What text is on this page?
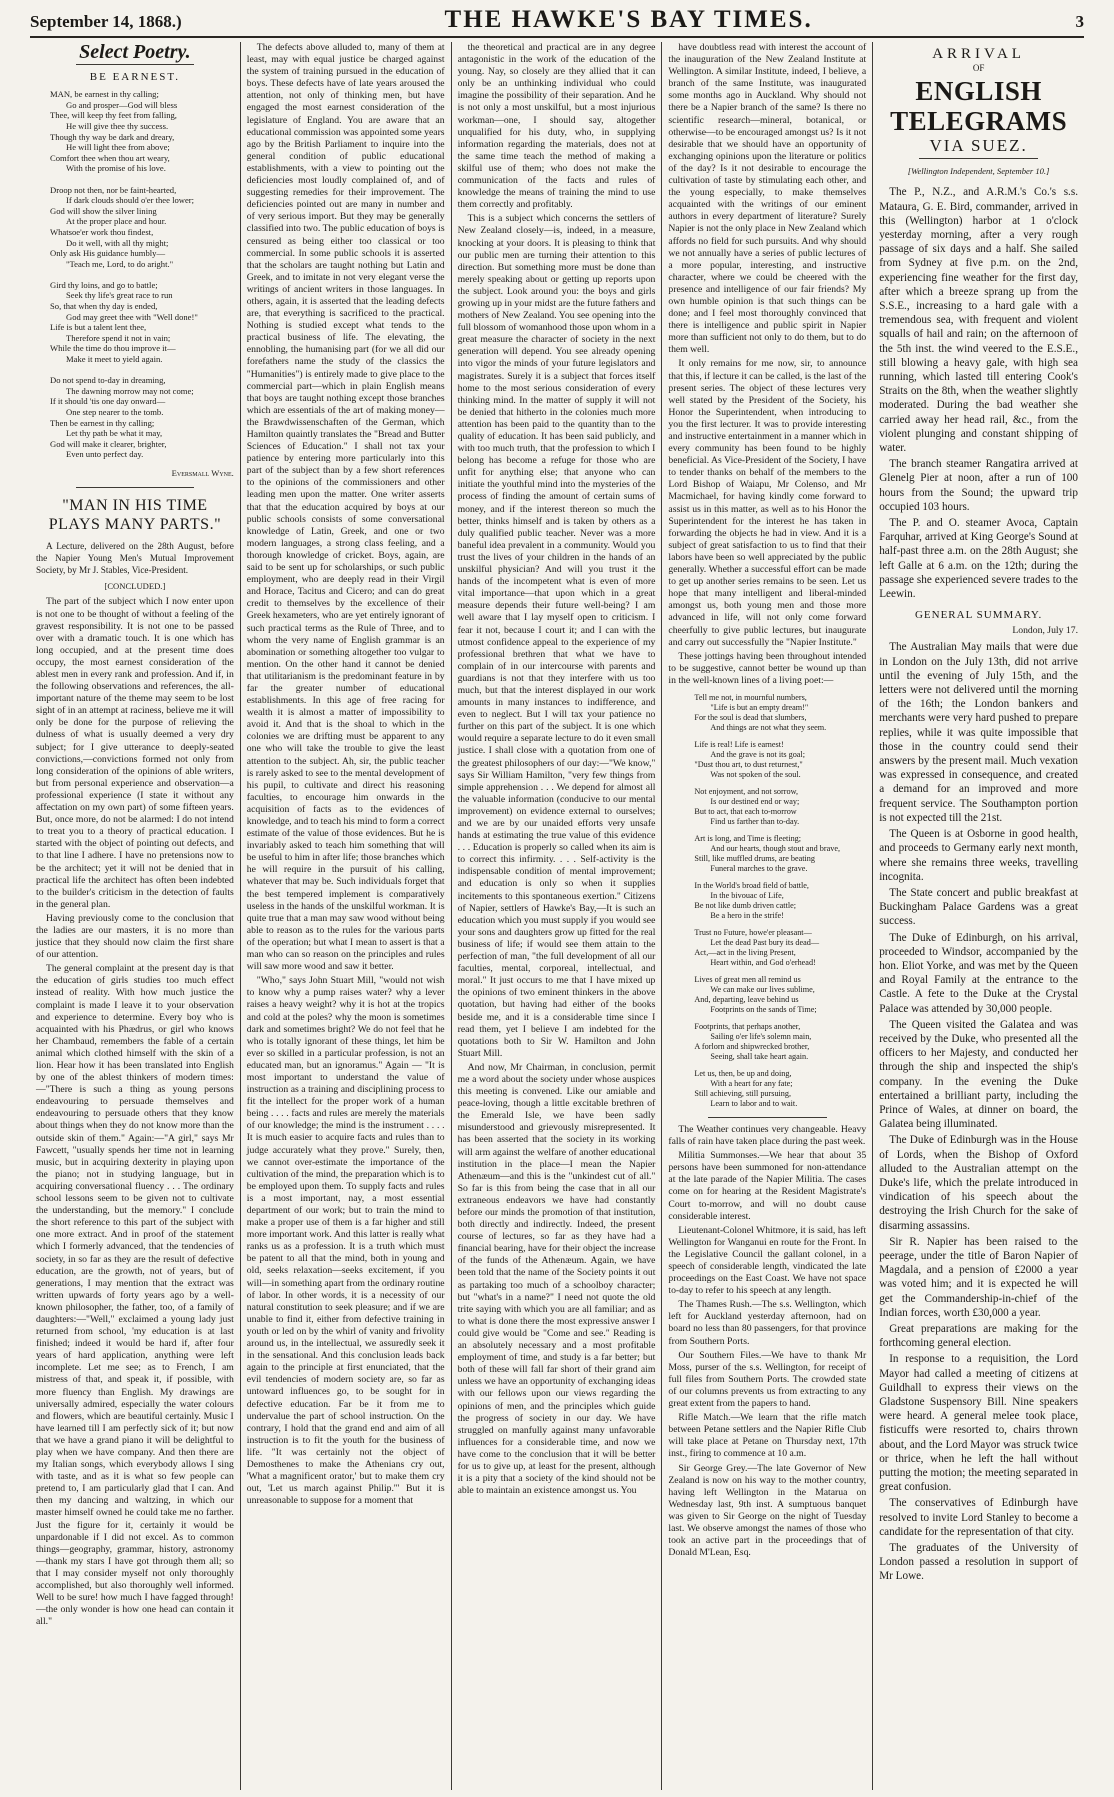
September 14, 1868.)	THE HAWKE'S BAY TIMES.	3
Select Poetry.
BE EARNEST.
MAN, be earnest in thy calling;
Go and prosper—God will bless
Thee, will keep thy feet from falling,
He will give thee thy success.
Though thy way be dark and dreary,
He will light thee from above;
Comfort thee when thou art weary,
With the promise of his love.

Droop not then, nor be faint-hearted,
If dark clouds should o'er thee lower;
God will show the silver lining
At the proper place and hour.
Whatsoe'er work thou findest,
Do it well, with all thy might;
Only ask His guidance humbly—
"Teach me, Lord, to do aright."

Gird thy loins, and go to battle;
Seek thy life's great race to run
So, that when thy day is ended,
God may greet thee with "Well done!"
Life is but a talent lent thee,
Therefore spend it not in vain;
While the time do thou improve it—
Make it meet to yield again.

Do not spend to-day in dreaming,
The dawning morrow may not come;
If it should 'tis one day onward—
One step nearer to the tomb.
Then be earnest in thy calling;
Let thy path be what it may,
God will make it clearer, brighter,
Even unto perfect day.
Eversmall Wyne.
"MAN IN HIS TIME PLAYS MANY PARTS."

A Lecture, delivered on the 28th August, before the Napier Young Men's Mutual Improvement Society, by Mr J. Stables, Vice-President.

[CONCLUDED.]

The part of the subject which I now enter upon is not one to be thought of without a feeling of the gravest responsibility. It is not one to be passed over with a dramatic touch. It is one which has long occupied, and at the present time does occupy, the most earnest consideration of the ablest men in every rank and profession. And if, in the following observations and references, the all-important nature of the theme may seem to be lost sight of in an attempt at raciness, believe me it will only be done for the purpose of relieving the dulness of what is usually deemed a very dry subject; for I give utterance to deeply-seated convictions,—convictions formed not only from long consideration of the opinions of able writers, but from personal experience and observation—a professional experience (I state it without any affectation on my own part) of some fifteen years. But, once more, do not be alarmed: I do not intend to treat you to a theory of practical education. I started with the object of pointing out defects, and to that line I adhere. I have no pretensions now to be the architect; yet it will not be denied that in practical life the architect has often been indebted to the builder's criticism in the detection of faults in the general plan.

Having previously come to the conclusion that the ladies are our masters, it is no more than justice that they should now claim the first share of our attention.

The general complaint at the present day is that the education of girls studies too much effect instead of reality. With how much justice the complaint is made I leave it to your observation and experience to determine. Every boy who is acquainted with his Phædrus, or girl who knows her Chambaud, remembers the fable of a certain animal which clothed himself with the skin of a lion. Hear how it has been translated into English by one of the ablest thinkers of modern times:—"There is such a thing as young persons endeavouring to persuade themselves and endeavouring to persuade others that they know about things when they do not know more than the outside skin of them." Again:—"A girl," says Mr Fawcett, "usually spends her time not in learning music, but in acquiring dexterity in playing upon the piano; not in studying language, but in acquiring conversational fluency . . . The ordinary school lessons seem to be given not to cultivate the understanding, but the memory." I conclude the short reference to this part of the subject with one more extract. And in proof of the statement which I formerly advanced, that the tendencies of society, in so far as they are the result of defective education, are the growth, not of years, but of generations, I may mention that the extract was written upwards of forty years ago by a well-known philosopher, the father, too, of a family of daughters:—"Well," exclaimed a young lady just returned from school, 'my education is at last finished; indeed it would be hard if, after four years of hard application, anything were left incomplete. Let me see; as to French, I am mistress of that, and speak it, if possible, with more fluency than English. My drawings are universally admired, especially the water colours and flowers, which are beautiful certainly. Music I have learned till I am perfectly sick of it; but now that we have a grand piano it will be delightful to play when we have company. And then there are my Italian songs, which everybody allows I sing with taste, and as it is what so few people can pretend to, I am particularly glad that I can. And then my dancing and waltzing, in which our master himself owned he could take me no farther. Just the figure for it, certainly it would be unpardonable if I did not excel. As to common things—geography, grammar, history, astronomy—thank my stars I have got through them all; so that I may consider myself not only thoroughly accomplished, but also thoroughly well informed. Well to be sure! how much I have fagged through!—the only wonder is how one head can contain it all."

The defects above alluded to, many of them at least, may with equal justice be charged against the system of training pursued in the education of boys. These defects have of late years aroused the attention, not only of thinking men, but have engaged the most earnest consideration of the legislature of England. You are aware that an educational commission was appointed some years ago by the British Parliament to inquire into the general condition of public educational establishments, with a view to pointing out the deficiencies most loudly complained of, and of suggesting remedies for their improvement. The deficiencies pointed out are many in number and of very serious import. But they may be generally classified into two. The public education of boys is censured as being either too classical or too commercial. In some public schools it is asserted that the scholars are taught nothing but Latin and Greek, and to imitate in not very elegant verse the writings of ancient writers in those languages. In others, again, it is asserted that the leading defects are, that everything is sacrificed to the practical. Nothing is studied except what tends to the practical business of life. The elevating, the ennobling, the humanising part (for we all did our forefathers name the study of the classics the "Humanities") is entirely made to give place to the commercial part—which in plain English means that boys are taught nothing except those branches which are essentials of the art of making money—the Brawdwissenschaften of the German, which Hamilton quaintly translates the "Bread and Butter Sciences of Education." I shall not tax your patience by entering more particularly into this part of the subject than by a few short references to the opinions of the commissioners and other leading men upon the matter. One writer asserts that that the education acquired by boys at our public schools consists of some conversational knowledge of Latin, Greek, and one or two modern languages, a strong class feeling, and a thorough knowledge of cricket. Boys, again, are said to be sent up for scholarships, or such public employment, who are deeply read in their Virgil and Horace, Tacitus and Cicero; and can do great credit to themselves by the excellence of their Greek hexameters, who are yet entirely ignorant of such practical terms as the Rule of Three, and to whom the very name of English grammar is an abomination or something altogether too vulgar to mention. On the other hand it cannot be denied that utilitarianism is the predominant feature in by far the greater number of educational establishments. In this age of free racing for wealth it is almost a matter of impossibility to avoid it. And that is the shoal to which in the colonies we are drifting must be apparent to any one who will take the trouble to give the least attention to the subject. Ah, sir, the public teacher is rarely asked to see to the mental development of his pupil, to cultivate and direct his reasoning faculties, to encourage him onwards in the acquisition of facts as to the evidences of knowledge, and to teach his mind to form a correct estimate of the value of those evidences. But he is invariably asked to teach him something that will be useful to him in after life; those branches which he will require in the pursuit of his calling, whatever that may be. Such individuals forget that the best tempered implement is comparatively useless in the hands of the unskilful workman. It is quite true that a man may saw wood without being able to reason as to the rules for the various parts of the operation; but what I mean to assert is that a man who can so reason on the principles and rules will saw more wood and saw it better.

"Who," says John Stuart Mill, "would not wish to know why a pump raises water? why a lever raises a heavy weight? why it is hot at the tropics and cold at the poles? why the moon is sometimes dark and sometimes bright? We do not feel that he who is totally ignorant of these things, let him be ever so skilled in a particular profession, is not an educated man, but an ignoramus." Again — "It is most important to understand the value of instruction as a training and disciplining process to fit the intellect for the proper work of a human being . . . . facts and rules are merely the materials of our knowledge; the mind is the instrument . . . . It is much easier to acquire facts and rules than to judge accurately what they prove." Surely, then, we cannot over-estimate the importance of the cultivation of the mind, the preparation which is to be employed upon them. To supply facts and rules is a most important, nay, a most essential department of our work; but to train the mind to make a proper use of them is a far higher and still more important work. And this latter is really what ranks us as a profession. It is a truth which must be patent to all that the mind, both in young and old, seeks relaxation—seeks excitement, if you will—in something apart from the ordinary routine of labor. In other words, it is a necessity of our natural constitution to seek pleasure; and if we are unable to find it, either from defective training in youth or led on by the whirl of vanity and frivolity around us, in the intellectual, we assuredly seek it in the sensational. And this conclusion leads back again to the principle at first enunciated, that the evil tendencies of modern society are, so far as untoward influences go, to be sought for in defective education. Far be it from me to undervalue the part of school instruction. On the contrary, I hold that the grand end and aim of all instruction is to fit the youth for the business of life. "It was certainly not the object of Demosthenes to make the Athenians cry out, 'What a magnificent orator,' but to make them cry out, 'Let us march against Philip.'" But it is unreasonable to suppose for a moment that

the theoretical and practical are in any degree antagonistic in the work of the education of the young. Nay, so closely are they allied that it can only be an unthinking individual who could imagine the possibility of their separation. And he is not only a most unskilful, but a most injurious workman—one, I should say, altogether unqualified for his duty, who, in supplying information regarding the materials, does not at the same time teach the method of making a skilful use of them; who does not make the communication of the facts and rules of knowledge the means of training the mind to use them correctly and profitably.

This is a subject which concerns the settlers of New Zealand closely—is, indeed, in a measure, knocking at your doors. It is pleasing to think that our public men are turning their attention to this direction. But something more must be done than merely speaking about or getting up reports upon the subject. Look around you: the boys and girls growing up in your midst are the future fathers and mothers of New Zealand. You see opening into the full blossom of womanhood those upon whom in a great measure the character of society in the next generation will depend. You see already opening into vigor the minds of your future legislators and magistrates. Surely it is a subject that forces itself home to the most serious consideration of every thinking mind. In the matter of supply it will not be denied that hitherto in the colonies much more attention has been paid to the quantity than to the quality of education. It has been said publicly, and with too much truth, that the profession to which I belong has become a refuge for those who are unfit for anything else; that anyone who can initiate the youthful mind into the mysteries of the process of finding the amount of certain sums of money, and if the interest thereon so much the better, thinks himself and is taken by others as a duly qualified public teacher. Never was a more baneful idea prevalent in a community. Would you trust the lives of your children in the hands of an unskilful physician? And will you trust it the hands of the incompetent what is even of more vital importance—that upon which in a great measure depends their future well-being? I am well aware that I lay myself open to criticism. I fear it not, because I court it; and I can with the utmost confidence appeal to the experience of my professional brethren that what we have to complain of in our intercourse with parents and guardians is not that they interfere with us too much, but that the interest displayed in our work amounts in many instances to indifference, and even to neglect. But I will tax your patience no further on this part of the subject. It is one which would require a separate lecture to do it even small justice. I shall close with a quotation from one of the greatest philosophers of our day:—"We know," says Sir William Hamilton, "very few things from simple apprehension . . . We depend for almost all the valuable information (conducive to our mental improvement) on evidence external to ourselves; and we are by our unaided efforts very unsafe hands at estimating the true value of this evidence . . . Education is properly so called when its aim is to correct this infirmity. . . . Self-activity is the indispensable condition of mental improvement; and education is only so when it supplies incitements to this spontaneous exertion." Citizens of Napier, settlers of Hawke's Bay,—It is such an education which you must supply if you would see your sons and daughters grow up fitted for the real business of life; if would see them attain to the perfection of man, "the full development of all our faculties, mental, corporeal, intellectual, and moral." It just occurs to me that I have mixed up the opinions of two eminent thinkers in the above quotation, but having had either of the books beside me, and it is a considerable time since I read them, yet I believe I am indebted for the quotations both to Sir W. Hamilton and John Stuart Mill.

And now, Mr Chairman, in conclusion, permit me a word about the society under whose auspices this meeting is convened. Like our amiable and peace-loving, though a little excitable brethren of the Emerald Isle, we have been sadly misunderstood and grievously misrepresented. It has been asserted that the society in its working will arm against the welfare of another educational institution in the place—I mean the Napier Athenæum—and this is the "unkindest cut of all." So far is this from being the case that in all our extraneous endeavors we have had constantly before our minds the promotion of that institution, both directly and indirectly. Indeed, the present course of lectures, so far as they have had a financial bearing, have for their object the increase of the funds of the Athenæum. Again, we have been told that the name of the Society points it out as partaking too much of a schoolboy character; but "what's in a name?" I need not quote the old trite saying with which you are all familiar; and as to what is done there the most expressive answer I could give would be "Come and see." Reading is an absolutely necessary and a most profitable employment of time, and study is a far better; but both of these will fall far short of their grand aim unless we have an opportunity of exchanging ideas with our fellows upon our views regarding the opinions of men, and the principles which guide the progress of society in our day. We have struggled on manfully against many unfavorable influences for a considerable time, and now we have come to the conclusion that it will be better for us to give up, at least for the present, although it is a pity that a society of the kind should not be able to maintain an existence amongst us. You

have doubtless read with interest the account of the inauguration of the New Zealand Institute at Wellington. A similar Institute, indeed, I believe, a branch of the same Institute, was inaugurated some months ago in Auckland. Why should not there be a Napier branch of the same? Is there no scientific research—mineral, botanical, or otherwise—to be encouraged amongst us? Is it not desirable that we should have an opportunity of exchanging opinions upon the literature or politics of the day? Is it not desirable to encourage the cultivation of taste by stimulating each other, and the young especially, to make themselves acquainted with the writings of our eminent authors in every department of literature? Surely Napier is not the only place in New Zealand which affords no field for such pursuits. And why should we not annually have a series of public lectures of a more popular, interesting, and instructive character, where we could be cheered with the presence and intelligence of our fair friends? My own humble opinion is that such things can be done; and I feel most thoroughly convinced that there is intelligence and public spirit in Napier more than sufficient not only to do them, but to do them well.

It only remains for me now, sir, to announce that this, if lecture it can be called, is the last of the present series. The object of these lectures very well stated by the President of the Society, his Honor the Superintendent, when introducing to you the first lecturer. It was to provide interesting and instructive entertainment in a manner which in every community has been found to be highly beneficial. As Vice-President of the Society, I have to tender thanks on behalf of the members to the Lord Bishop of Waiapu, Mr Colenso, and Mr Macmichael, for having kindly come forward to assist us in this matter, as well as to his Honor the Superintendent for the interest he has taken in forwarding the objects he had in view. And it is a subject of great satisfaction to us to find that their labors have been so well appreciated by the public generally. Whether a successful effort can be made to get up another series remains to be seen. Let us hope that many intelligent and liberal-minded amongst us, both young men and those more advanced in life, will not only come forward cheerfully to give public lectures, but inaugurate and carry out successfully the "Napier Institute."

These jottings having been throughout intended to be suggestive, cannot better be wound up than in the well-known lines of a living poet:—

Tell me not, in mournful numbers,
"Life is but an empty dream!"
For the soul is dead that slumbers,
And things are not what they seem.
Life is real! Life is earnest!
And the grave is not its goal;
"Dust thou art, to dust returnest,"
Was not spoken of the soul.
Not enjoyment, and not sorrow,
Is our destined end or way;
But to act, that each to-morrow
Find us farther than to-day.
Art is long, and Time is fleeting;
And our hearts, though stout and brave,
Still, like muffled drums, are beating
Funeral marches to the grave.
In the World's broad field of battle,
In the bivouac of Life,
Be not like dumb driven cattle;
Be a hero in the strife!
Trust no Future, howe'er pleasant—
Let the dead Past bury its dead—
Act,—act in the living Present,
Heart within, and God o'erhead!
Lives of great men all remind us
We can make our lives sublime,
And, departing, leave behind us
Footprints on the sands of Time;
Footprints, that perhaps another,
Sailing o'er life's solemn main,
A forlorn and shipwrecked brother,
Seeing, shall take heart again.
Let us, then, be up and doing,
With a heart for any fate;
Still achieving, still pursuing,
Learn to labor and to wait.

The Weather continues very changeable. Heavy falls of rain have taken place during the past week.

Militia Summonses.—We hear that about 35 persons have been summoned for non-attendance at the late parade of the Napier Militia. The cases come on for hearing at the Resident Magistrate's Court to-morrow, and will no doubt cause considerable interest.

Lieutenant-Colonel Whitmore, it is said, has left Wellington for Wanganui en route for the Front. In the Legislative Council the gallant colonel, in a speech of considerable length, vindicated the late proceedings on the East Coast. We have not space to-day to refer to his speech at any length.

The Thames Rush.—The s.s. Wellington, which left for Auckland yesterday afternoon, had on board no less than 80 passengers, for that province from Southern Ports.

Our Southern Files.—We have to thank Mr Moss, purser of the s.s. Wellington, for receipt of full files from Southern Ports. The crowded state of our columns prevents us from extracting to any great extent from the papers to hand.

Rifle Match.—We learn that the rifle match between Petane settlers and the Napier Rifle Club will take place at Petane on Thursday next, 17th inst., firing to commence at 10 a.m.

Sir George Grey.—The late Governor of New Zealand is now on his way to the mother country, having left Wellington in the Matarua on Wednesday last, 9th inst. A sumptuous banquet was given to Sir George on the night of Tuesday last. We observe amongst the names of those who took an active part in the proceedings that of Donald M'Lean, Esq.

ARRIVAL
OF
ENGLISH TELEGRAMS
VIA SUEZ.
[Wellington Independent, September 10.]

The P., N.Z., and A.R.M.'s Co.'s s.s. Mataura, G. E. Bird, commander, arrived in this (Wellington) harbor at 1 o'clock yesterday morning, after a very rough passage of six days and a half. She sailed from Sydney at five p.m. on the 2nd, experiencing fine weather for the first day, after which a breeze sprang up from the S.S.E., increasing to a hard gale with a tremendous sea, with frequent and violent squalls of hail and rain; on the afternoon of the 5th inst. the wind veered to the E.S.E., still blowing a heavy gale, with high sea running, which lasted till entering Cook's Straits on the 8th, when the weather slightly moderated. During the bad weather she carried away her head rail, &c., from the violent plunging and constant shipping of water.

The branch steamer Rangatira arrived at Glenelg Pier at noon, after a run of 100 hours from the Sound; the upward trip occupied 103 hours.

The P. and O. steamer Avoca, Captain Farquhar, arrived at King George's Sound at half-past three a.m. on the 28th August; she left Galle at 6 a.m. on the 12th; during the passage she experienced severe trades to the Leewin.

GENERAL SUMMARY.
London, July 17.

The Australian May mails that were due in London on the July 13th, did not arrive until the evening of July 15th, and the letters were not delivered until the morning of the 16th; the London bankers and merchants were very hard pushed to prepare replies, while it was quite impossible that those in the country could send their answers by the present mail. Much vexation was expressed in consequence, and created a demand for an improved and more frequent service. The Southampton portion is not expected till the 21st.

The Queen is at Osborne in good health, and proceeds to Germany early next month, where she remains three weeks, travelling incognita.

The State concert and public breakfast at Buckingham Palace Gardens was a great success.

The Duke of Edinburgh, on his arrival, proceeded to Windsor, accompanied by the hon. Eliot Yorke, and was met by the Queen and Royal Family at the entrance to the Castle. A fete to the Duke at the Crystal Palace was attended by 30,000 people.

The Queen visited the Galatea and was received by the Duke, who presented all the officers to her Majesty, and conducted her through the ship and inspected the ship's company. In the evening the Duke entertained a brilliant party, including the Prince of Wales, at dinner on board, the Galatea being illuminated.

The Duke of Edinburgh was in the House of Lords, when the Bishop of Oxford alluded to the Australian attempt on the Duke's life, which the prelate introduced in vindication of his speech about the destroying the Irish Church for the sake of disarming assassins.

Sir R. Napier has been raised to the peerage, under the title of Baron Napier of Magdala, and a pension of £2000 a year was voted him; and it is expected he will get the Commandership-in-chief of the Indian forces, worth £30,000 a year.

Great preparations are making for the forthcoming general election.

In response to a requisition, the Lord Mayor had called a meeting of citizens at Guildhall to express their views on the Gladstone Suspensory Bill. Nine speakers were heard. A general melee took place, fisticuffs were resorted to, chairs thrown about, and the Lord Mayor was struck twice or thrice, when he left the hall without putting the motion; the meeting separated in great confusion.

The conservatives of Edinburgh have resolved to invite Lord Stanley to become a candidate for the representation of that city.

The graduates of the University of London passed a resolution in support of Mr Lowe.
